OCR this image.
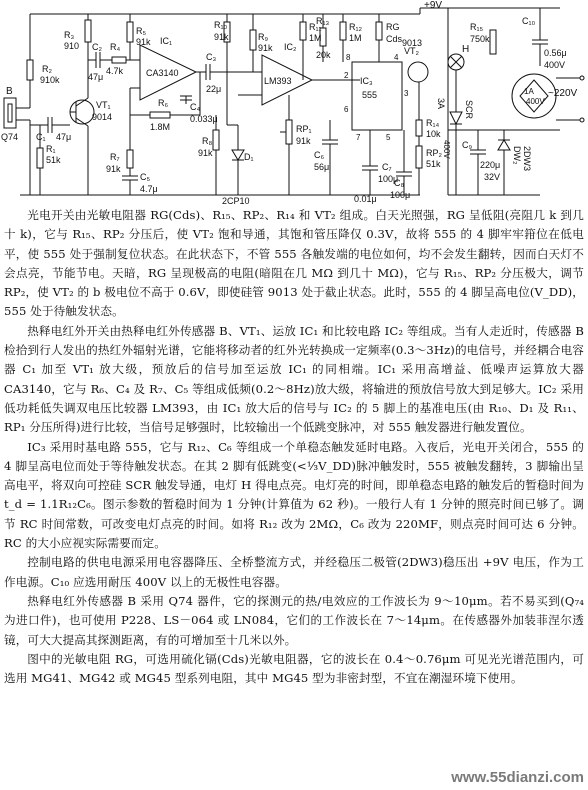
B
Q74
R₂
910k
R₁
51k
C₁ 47μ
VT₁
9014
R₃
910 C₂
47μ
R₄
4.7k
R₅
91k IC₁
CA3140
R₆
1.8M
C₄
0.033μ
R₇
91k
C₅
4.7μ
C₃
22μ
R₈
91k	D₁
2CP10
R₉
91k
R₁₀
91k
IC₂
LM393
RP₁
91k
R₁₁
1M
R₁₂
1M
R₁₃
20k
C₆
56μ	C₇
100μ
0.01μ
IC₃
555
8	4
2
6
3
7	5
RG
Cds
VT₂
9013
R₁₄
10k
RP₂
51k
C₈
100μ
+9V
H
3A SCR
400V
R₁₅
750k
C₁₀
0.56μ
400V
1A
400V
~220V
C₉
220μ
32V
DW₂ 2DW3

光电开关由光敏电阻器 RG(Cds)、R₁₅、RP₂、R₁₄ 和 VT₂ 组成。白天光照强，RG 呈低阻(亮阻几 k 到几十 k)，它与 R₁₅、RP₂ 分压后，使 VT₂ 饱和导通，其饱和管压降仅 0.3V，故将 555 的 4 脚牢牢箝位在低电平，使 555 处于强制复位状态。在此状态下，不管 555 各触发端的电位如何，均不会发生翻转，因而白天灯不会点亮，节能节电。天暗，RG 呈现极高的电阻(暗阻在几 MΩ 到几十 MΩ)，它与 R₁₅、RP₂ 分压极大，调节 RP₂，使 VT₂ 的 b 极电位不高于 0.6V，即使硅管 9013 处于截止状态。此时，555 的 4 脚呈高电位(V_DD)，555 处于待触发状态。

热释电红外开关由热释电红外传感器 B、VT₁、运放 IC₁ 和比较电路 IC₂ 等组成。当有人走近时，传感器 B 检拾到行人发出的热红外辐射光谱，它能将移动者的红外光转换成一定频率(0.3～3Hz)的电信号，并经耦合电容器 C₁ 加至 VT₁ 放大级，预放后的信号加至运放 IC₁ 的同相端。IC₁ 采用高增益、低噪声运算放大器 CA3140，它与 R₆、C₄ 及 R₇、C₅ 等组成低频(0.2～8Hz)放大级，将输进的预放信号放大到足够大。IC₂ 采用低功耗低失调双电压比较器 LM393，由 IC₁ 放大后的信号与 IC₂ 的 5 脚上的基准电压(由 R₁₀、D₁ 及 R₁₁、RP₁ 分压所得)进行比较，当信号足够强时，比较输出一个低跳变脉冲，对 555 触发器进行触发置位。

IC₃ 采用时基电路 555，它与 R₁₂、C₆ 等组成一个单稳态触发延时电路。入夜后，光电开关闭合，555 的 4 脚呈高电位而处于等待触发状态。在其 2 脚有低跳变(<⅓V_DD)脉冲触发时，555 被触发翻转，3 脚输出呈高电平，将双向可控硅 SCR 触发导通，电灯 H 得电点亮。电灯亮的时间，即单稳态电路的触发后的暂稳时间为 t_d = 1.1R₁₂C₆。图示参数的暂稳时间为 1 分钟(计算值为 62 秒)。一般行人有 1 分钟的照亮时间已够了。调节 RC 时间常数，可改变电灯点亮的时间。如将 R₁₂ 改为 2MΩ，C₆ 改为 220MF，则点亮时间可达 6 分钟。RC 的大小应视实际需要而定。

控制电路的供电电源采用电容器降压、全桥整流方式，并经稳压二极管(2DW3)稳压出 +9V 电压，作为工作电源。C₁₀ 应选用耐压 400V 以上的无极性电容器。

热释电红外传感器 B 采用 Q74 器件，它的探测元的热/电效应的工作波长为 9～10μm。若不易买到(Q₇₄ 为进口件)，也可使用 P228、LS－064 或 LN084，它们的工作波长在 7～14μm。在传感器外加装菲涅尔透镜，可大大提高其探测距离，有的可增加至十几米以外。

图中的光敏电阻 RG，可选用硫化镉(Cds)光敏电阻器，它的波长在 0.4～0.76μm 可见光光谱范围内，可选用 MG41、MG42 或 MG45 型系列电阻，其中 MG45 型为非密封型，不宜在潮湿环境下使用。

www.55dianzi.com
